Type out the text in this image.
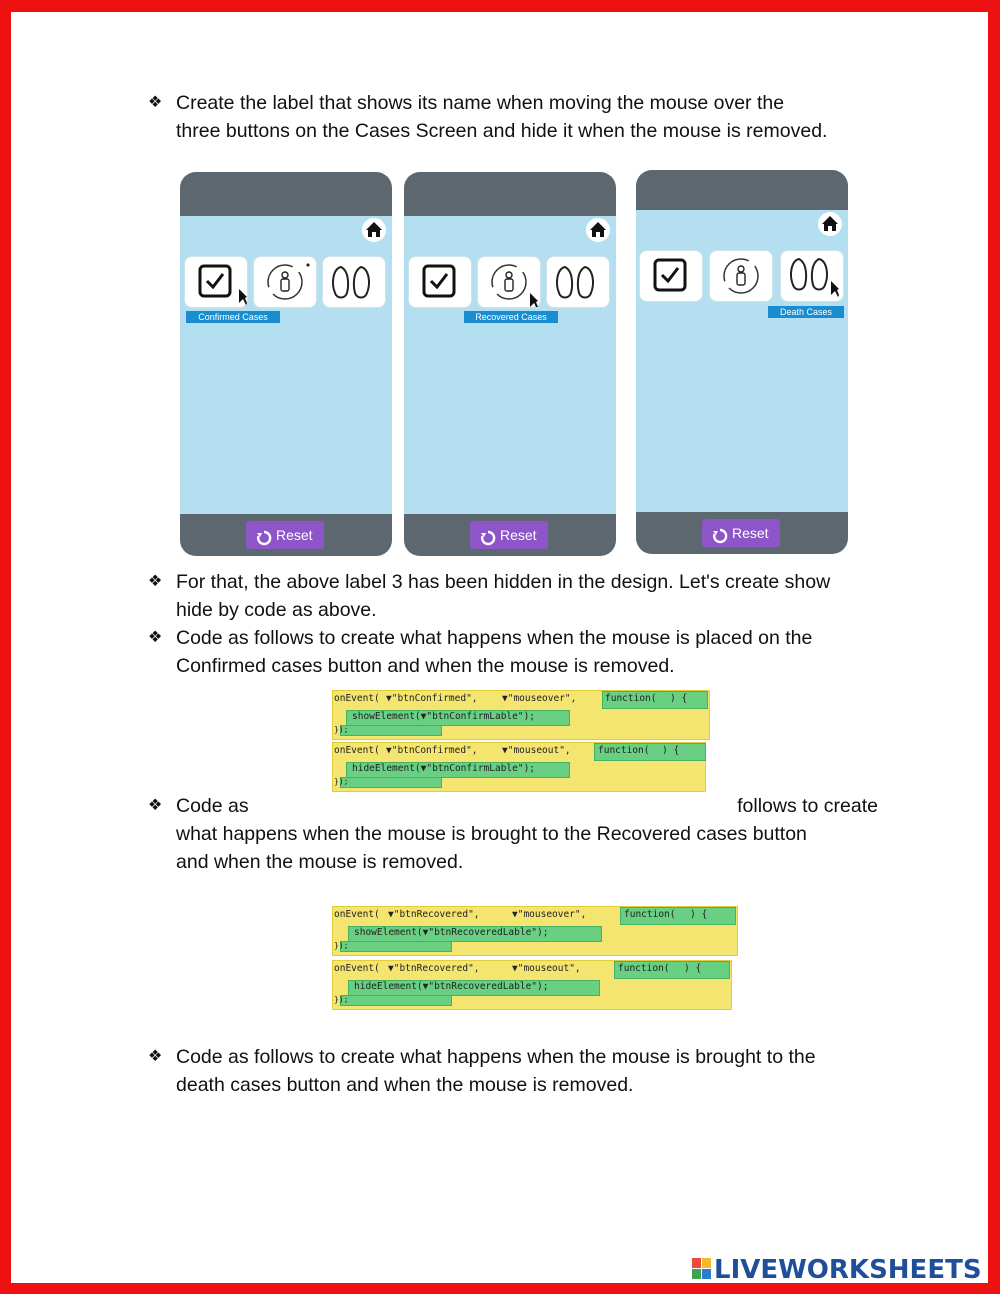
❖ Create the label that shows its name when moving the mouse over the
three buttons on the Cases Screen and hide it when the mouse is removed.
Confirmed Cases
Reset
Recovered Cases
Reset
Death Cases
Reset
❖ For that, the above label 3 has been hidden in the design. Let's create show
hide by code as above.
❖ Code as follows to create what happens when the mouse is placed on the
Confirmed cases button and when the mouse is removed.
onEvent( ▼"btnConfirmed",	▼"mouseover",	function( ) {
showElement(▼"btnConfirmLable");
});
onEvent( ▼"btnConfirmed",	▼"mouseout",	function( ) {
hideElement(▼"btnConfirmLable");
});
❖ Code as	follows to create
what happens when the mouse is brought to the Recovered cases button
and when the mouse is removed.
onEvent( ▼"btnRecovered",	▼"mouseover",	function( ) {
showElement(▼"btnRecoveredLable");
});
onEvent( ▼"btnRecovered",	▼"mouseout",	function( ) {
hideElement(▼"btnRecoveredLable");
});
❖ Code as follows to create what happens when the mouse is brought to the
death cases button and when the mouse is removed.
LIVEWORKSHEETS
